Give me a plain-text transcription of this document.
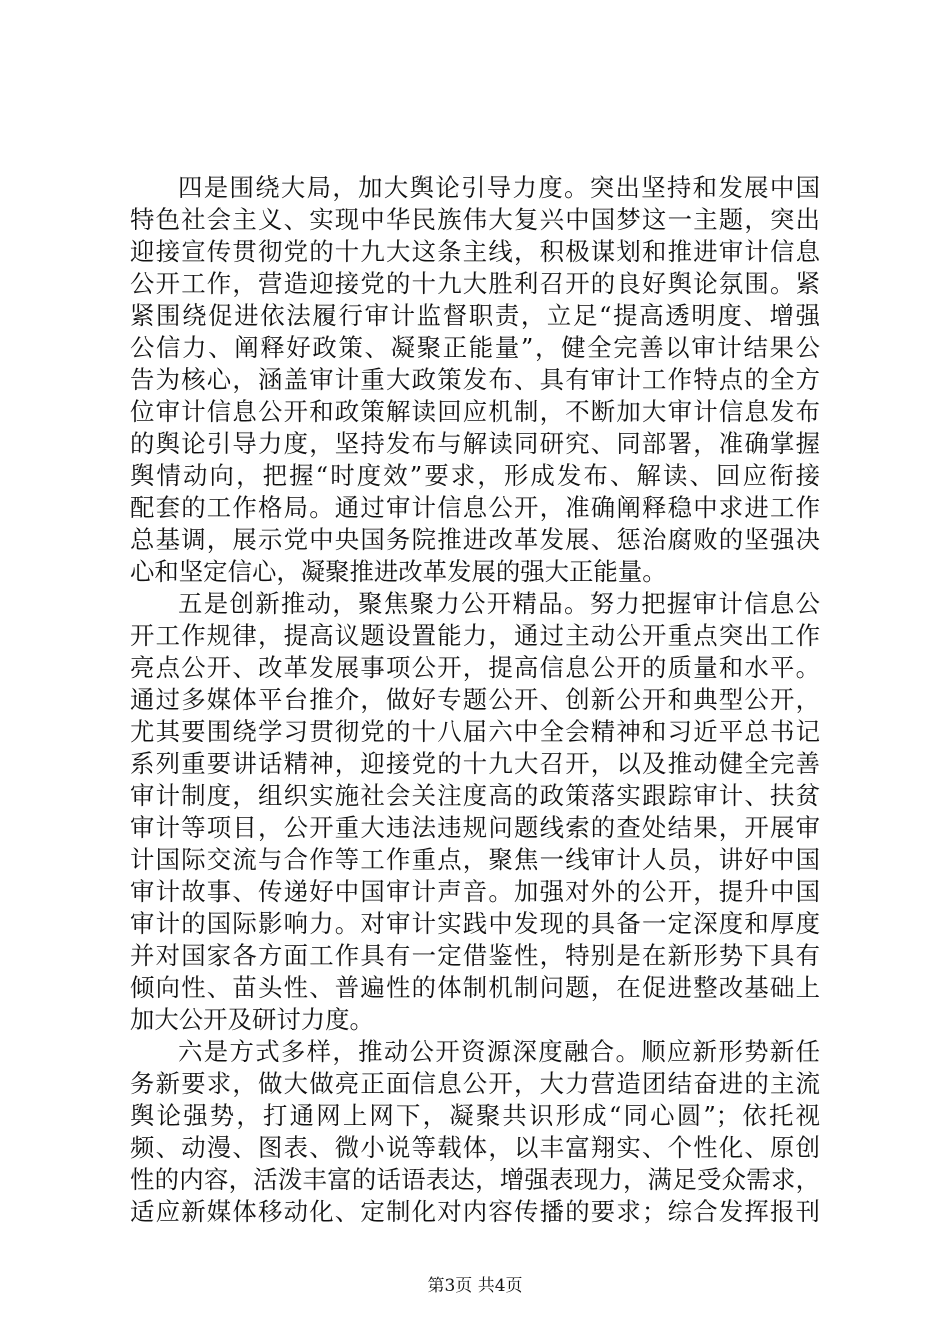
四是围绕大局，加大舆论引导力度。突出坚持和发展中国
特色社会主义、实现中华民族伟大复兴中国梦这一主题，突出
迎接宣传贯彻党的十九大这条主线，积极谋划和推进审计信息
公开工作，营造迎接党的十九大胜利召开的良好舆论氛围。紧
紧围绕促进依法履行审计监督职责，立足“提高透明度、增强
公信力、阐释好政策、凝聚正能量”，健全完善以审计结果公
告为核心，涵盖审计重大政策发布、具有审计工作特点的全方
位审计信息公开和政策解读回应机制，不断加大审计信息发布
的舆论引导力度，坚持发布与解读同研究、同部署，准确掌握
舆情动向，把握“时度效”要求，形成发布、解读、回应衔接
配套的工作格局。通过审计信息公开，准确阐释稳中求进工作
总基调，展示党中央国务院推进改革发展、惩治腐败的坚强决
心和坚定信心，凝聚推进改革发展的强大正能量。
五是创新推动，聚焦聚力公开精品。努力把握审计信息公
开工作规律，提高议题设置能力，通过主动公开重点突出工作
亮点公开、改革发展事项公开，提高信息公开的质量和水平。
通过多媒体平台推介，做好专题公开、创新公开和典型公开，
尤其要围绕学习贯彻党的十八届六中全会精神和习近平总书记
系列重要讲话精神，迎接党的十九大召开，以及推动健全完善
审计制度，组织实施社会关注度高的政策落实跟踪审计、扶贫
审计等项目，公开重大违法违规问题线索的查处结果，开展审
计国际交流与合作等工作重点，聚焦一线审计人员，讲好中国
审计故事、传递好中国审计声音。加强对外的公开，提升中国
审计的国际影响力。对审计实践中发现的具备一定深度和厚度
并对国家各方面工作具有一定借鉴性，特别是在新形势下具有
倾向性、苗头性、普遍性的体制机制问题，在促进整改基础上
加大公开及研讨力度。
六是方式多样，推动公开资源深度融合。顺应新形势新任
务新要求，做大做亮正面信息公开，大力营造团结奋进的主流
舆论强势，打通网上网下，凝聚共识形成“同心圆”；依托视
频、动漫、图表、微小说等载体，以丰富翔实、个性化、原创
性的内容，活泼丰富的话语表达，增强表现力，满足受众需求，
适应新媒体移动化、定制化对内容传播的要求；综合发挥报刊
第3页 共4页
